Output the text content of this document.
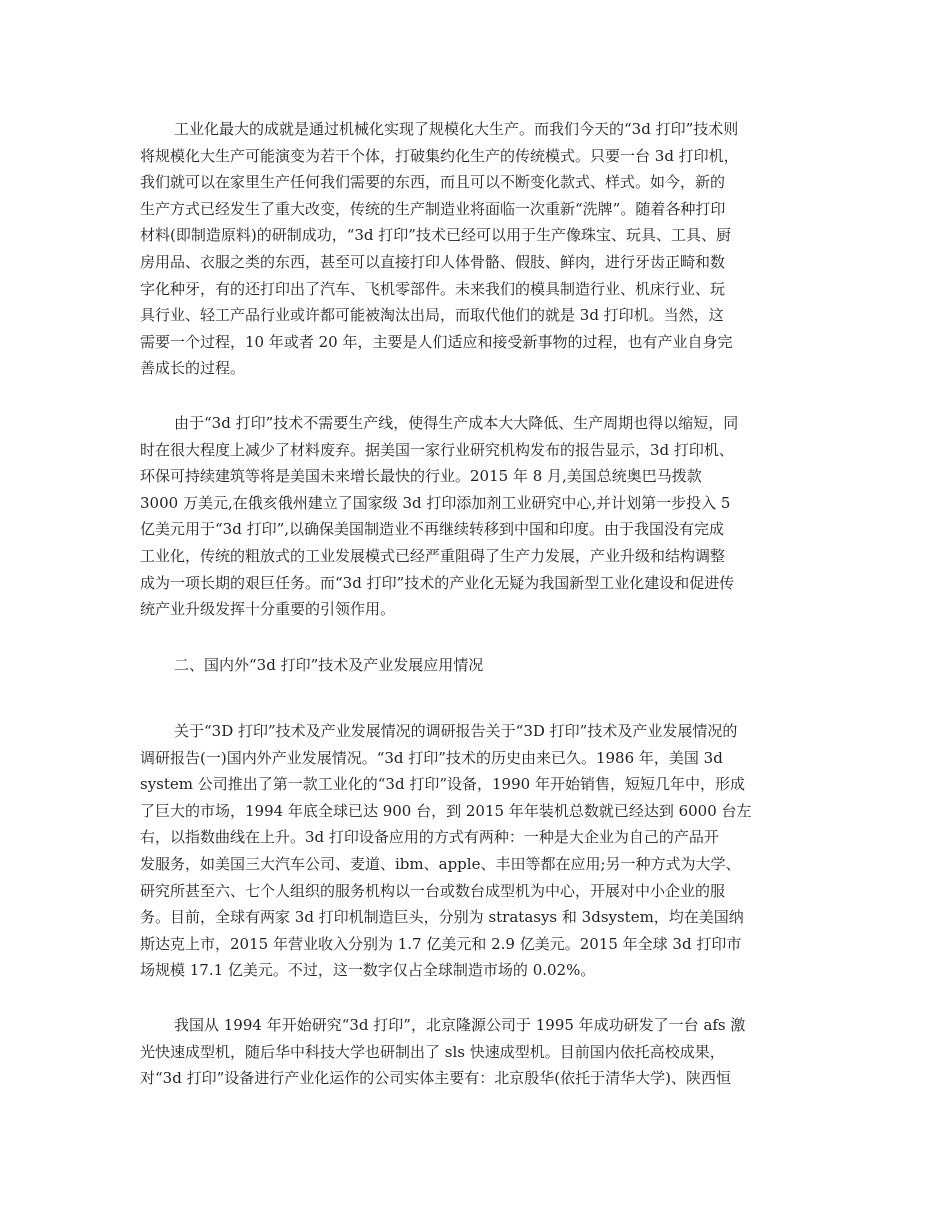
工业化最大的成就是通过机械化实现了规模化大生产。而我们今天的“3d 打印”技术则
将规模化大生产可能演变为若干个体，打破集约化生产的传统模式。只要一台 3d 打印机，
我们就可以在家里生产任何我们需要的东西，而且可以不断变化款式、样式。如今，新的
生产方式已经发生了重大改变，传统的生产制造业将面临一次重新“洗牌”。随着各种打印
材料(即制造原料)的研制成功，“3d 打印”技术已经可以用于生产像珠宝、玩具、工具、厨
房用品、衣服之类的东西，甚至可以直接打印人体骨骼、假肢、鲜肉，进行牙齿正畸和数
字化种牙，有的还打印出了汽车、飞机零部件。未来我们的模具制造行业、机床行业、玩
具行业、轻工产品行业或许都可能被淘汰出局，而取代他们的就是 3d 打印机。当然，这
需要一个过程，10 年或者 20 年，主要是人们适应和接受新事物的过程，也有产业自身完
善成长的过程。
由于“3d 打印”技术不需要生产线，使得生产成本大大降低、生产周期也得以缩短，同
时在很大程度上减少了材料废弃。据美国一家行业研究机构发布的报告显示，3d 打印机、
环保可持续建筑等将是美国未来增长最快的行业。2015 年 8 月,美国总统奥巴马拨款
3000 万美元,在俄亥俄州建立了国家级 3d 打印添加剂工业研究中心,并计划第一步投入 5
亿美元用于“3d 打印”,以确保美国制造业不再继续转移到中国和印度。由于我国没有完成
工业化，传统的粗放式的工业发展模式已经严重阻碍了生产力发展，产业升级和结构调整
成为一项长期的艰巨任务。而“3d 打印”技术的产业化无疑为我国新型工业化建设和促进传
统产业升级发挥十分重要的引领作用。
二、国内外“3d 打印”技术及产业发展应用情况
关于“3D 打印”技术及产业发展情况的调研报告关于“3D 打印”技术及产业发展情况的
调研报告(一)国内外产业发展情况。“3d 打印”技术的历史由来已久。1986 年，美国 3d
system 公司推出了第一款工业化的“3d 打印”设备，1990 年开始销售，短短几年中，形成
了巨大的市场，1994 年底全球已达 900 台，到 2015 年年装机总数就已经达到 6000 台左
右，以指数曲线在上升。3d 打印设备应用的方式有两种：一种是大企业为自己的产品开
发服务，如美国三大汽车公司、麦道、ibm、apple、丰田等都在应用;另一种方式为大学、
研究所甚至六、七个人组织的服务机构以一台或数台成型机为中心，开展对中小企业的服
务。目前，全球有两家 3d 打印机制造巨头，分别为 stratasys 和 3dsystem，均在美国纳
斯达克上市，2015 年营业收入分别为 1.7 亿美元和 2.9 亿美元。2015 年全球 3d 打印市
场规模 17.1 亿美元。不过，这一数字仅占全球制造市场的 0.02%。
我国从 1994 年开始研究“3d 打印”，北京隆源公司于 1995 年成功研发了一台 afs 激
光快速成型机，随后华中科技大学也研制出了 sls 快速成型机。目前国内依托高校成果，
对“3d 打印”设备进行产业化运作的公司实体主要有：北京殷华(依托于清华大学)、陕西恒
